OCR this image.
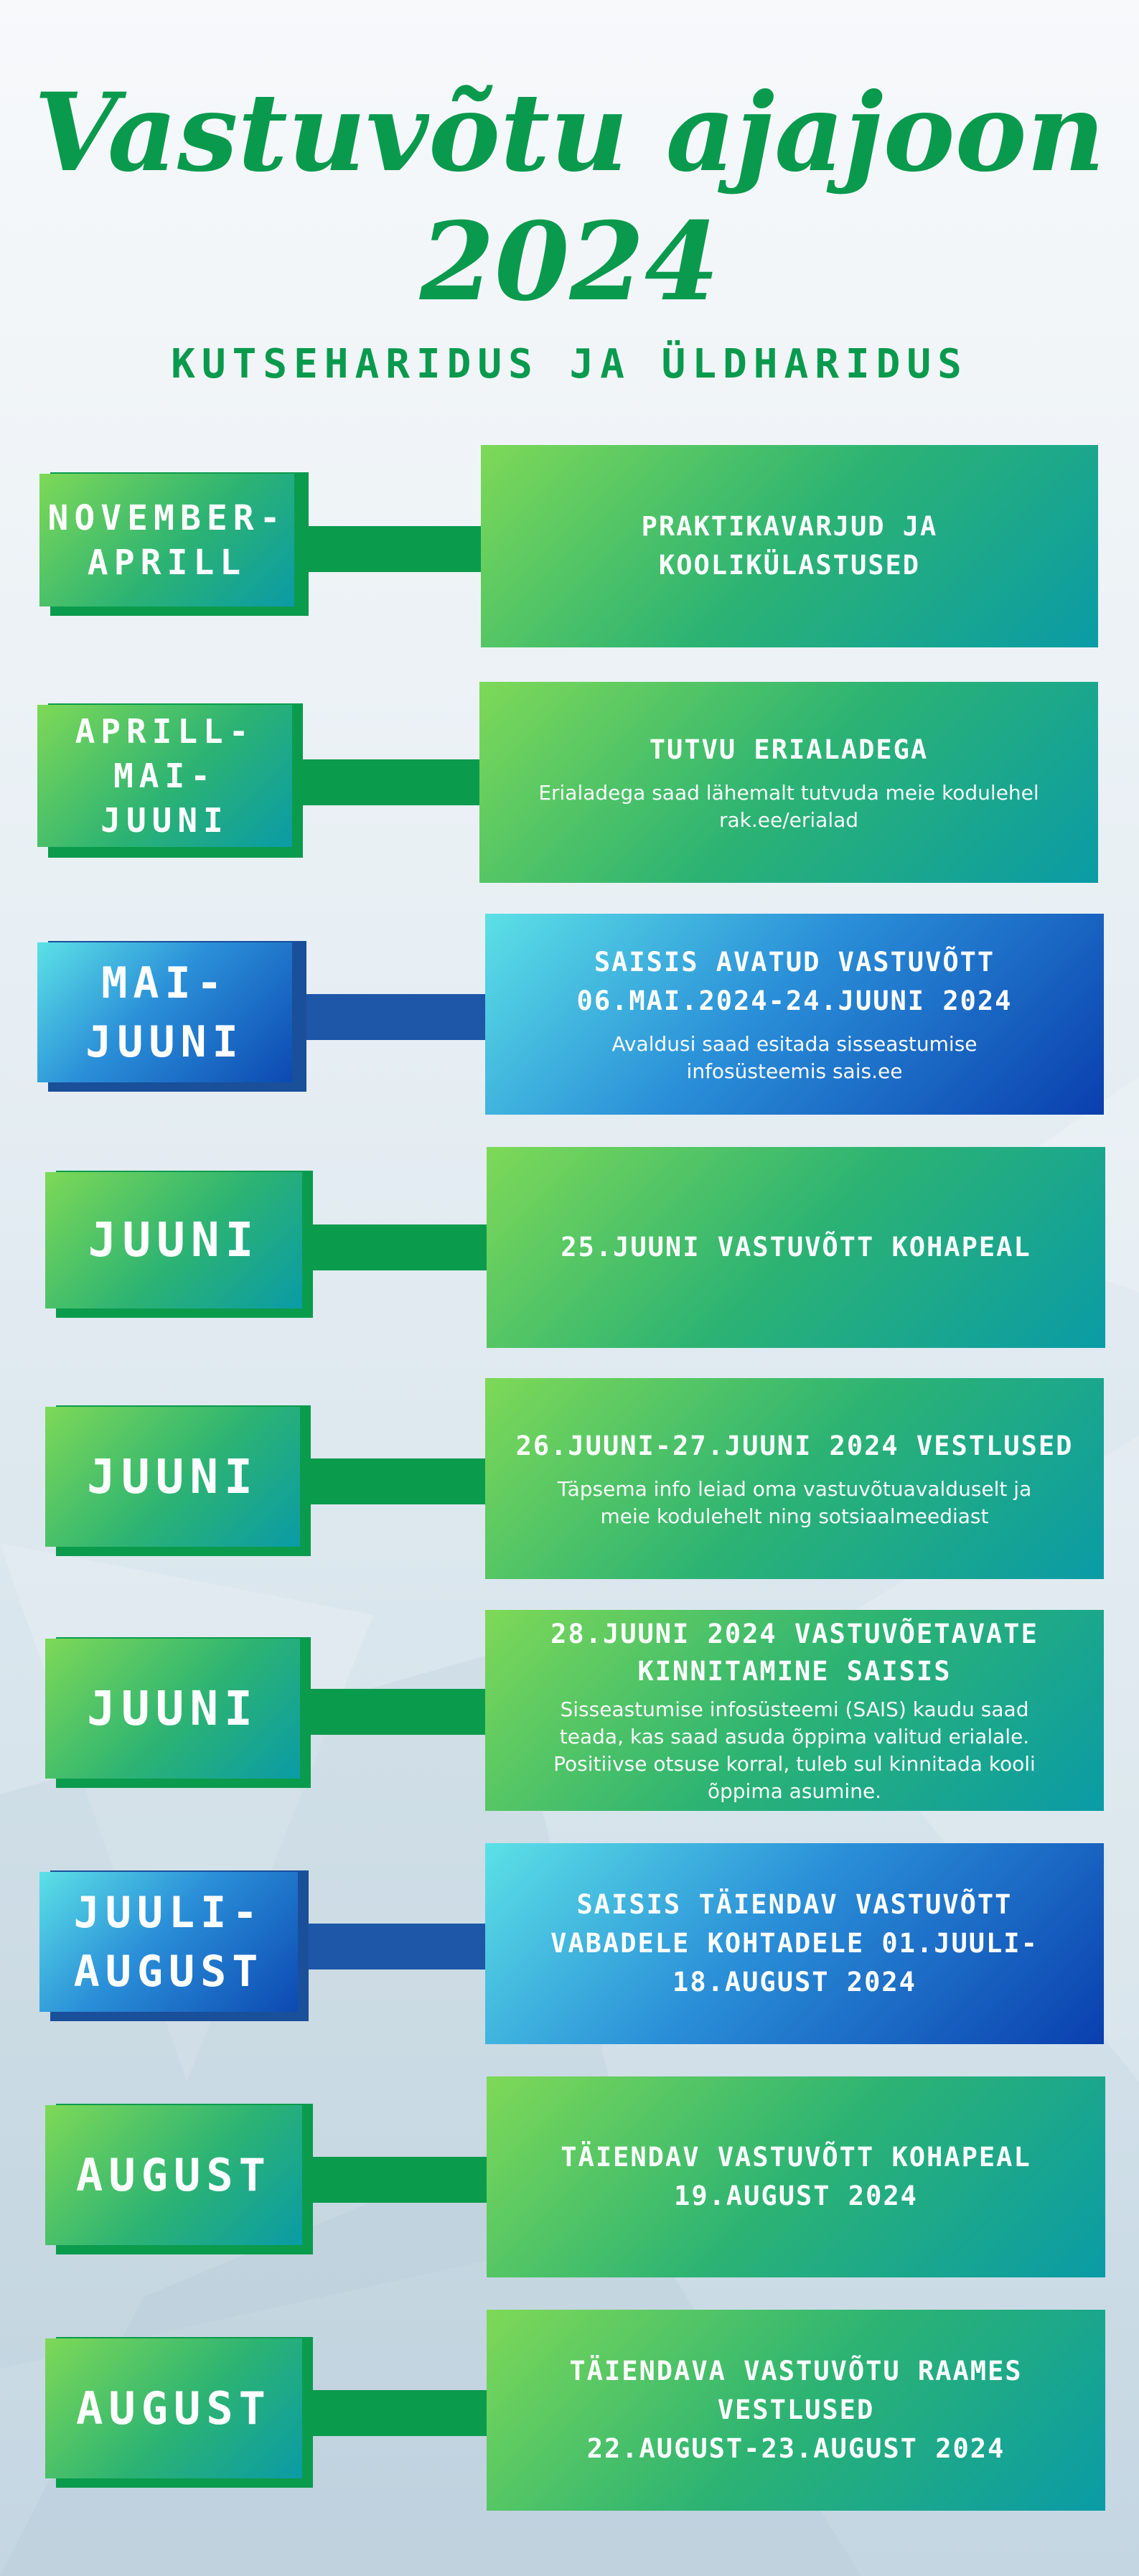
Vastuvõtu ajajoon
2024
KUTSEHARIDUS JA ÜLDHARIDUS
NOVEMBER-
APRILL
PRAKTIKAVARJUD JA KOOLIKÜLASTUSED
APRILL-
MAI-
JUUNI
TUTVU ERIALADEGA
Erialadega saad lähemalt tutvuda meie kodulehel
rak.ee/erialad
MAI-
JUUNI
SAISIS AVATUD VASTUVÕTT
06.MAI.2024-24.JUUNI 2024
Avaldusi saad esitada sisseastumise
infosüsteemis sais.ee
JUUNI	25.JUUNI VASTUVÕTT KOHAPEAL
JUUNI
26.JUUNI-27.JUUNI 2024 VESTLUSED
Täpsema info leiad oma vastuvõtuavalduselt ja
meie kodulehelt ning sotsiaalmeediast
JUUNI
28.JUUNI 2024 VASTUVÕETAVATE
KINNITAMINE SAISIS
Sisseastumise infosüsteemi (SAIS) kaudu saad
teada, kas saad asuda õppima valitud erialale.
Positiivse otsuse korral, tuleb sul kinnitada kooli
õppima asumine.
JUULI-
AUGUST
SAISIS TÄIENDAV VASTUVÕTT
VABADELE KOHTADELE 01.JUULI-
18.AUGUST 2024
AUGUST	TÄIENDAV VASTUVÕTT KOHAPEAL
19.AUGUST 2024
AUGUST
TÄIENDAVA VASTUVÕTU RAAMES
VESTLUSED
22.AUGUST-23.AUGUST 2024
